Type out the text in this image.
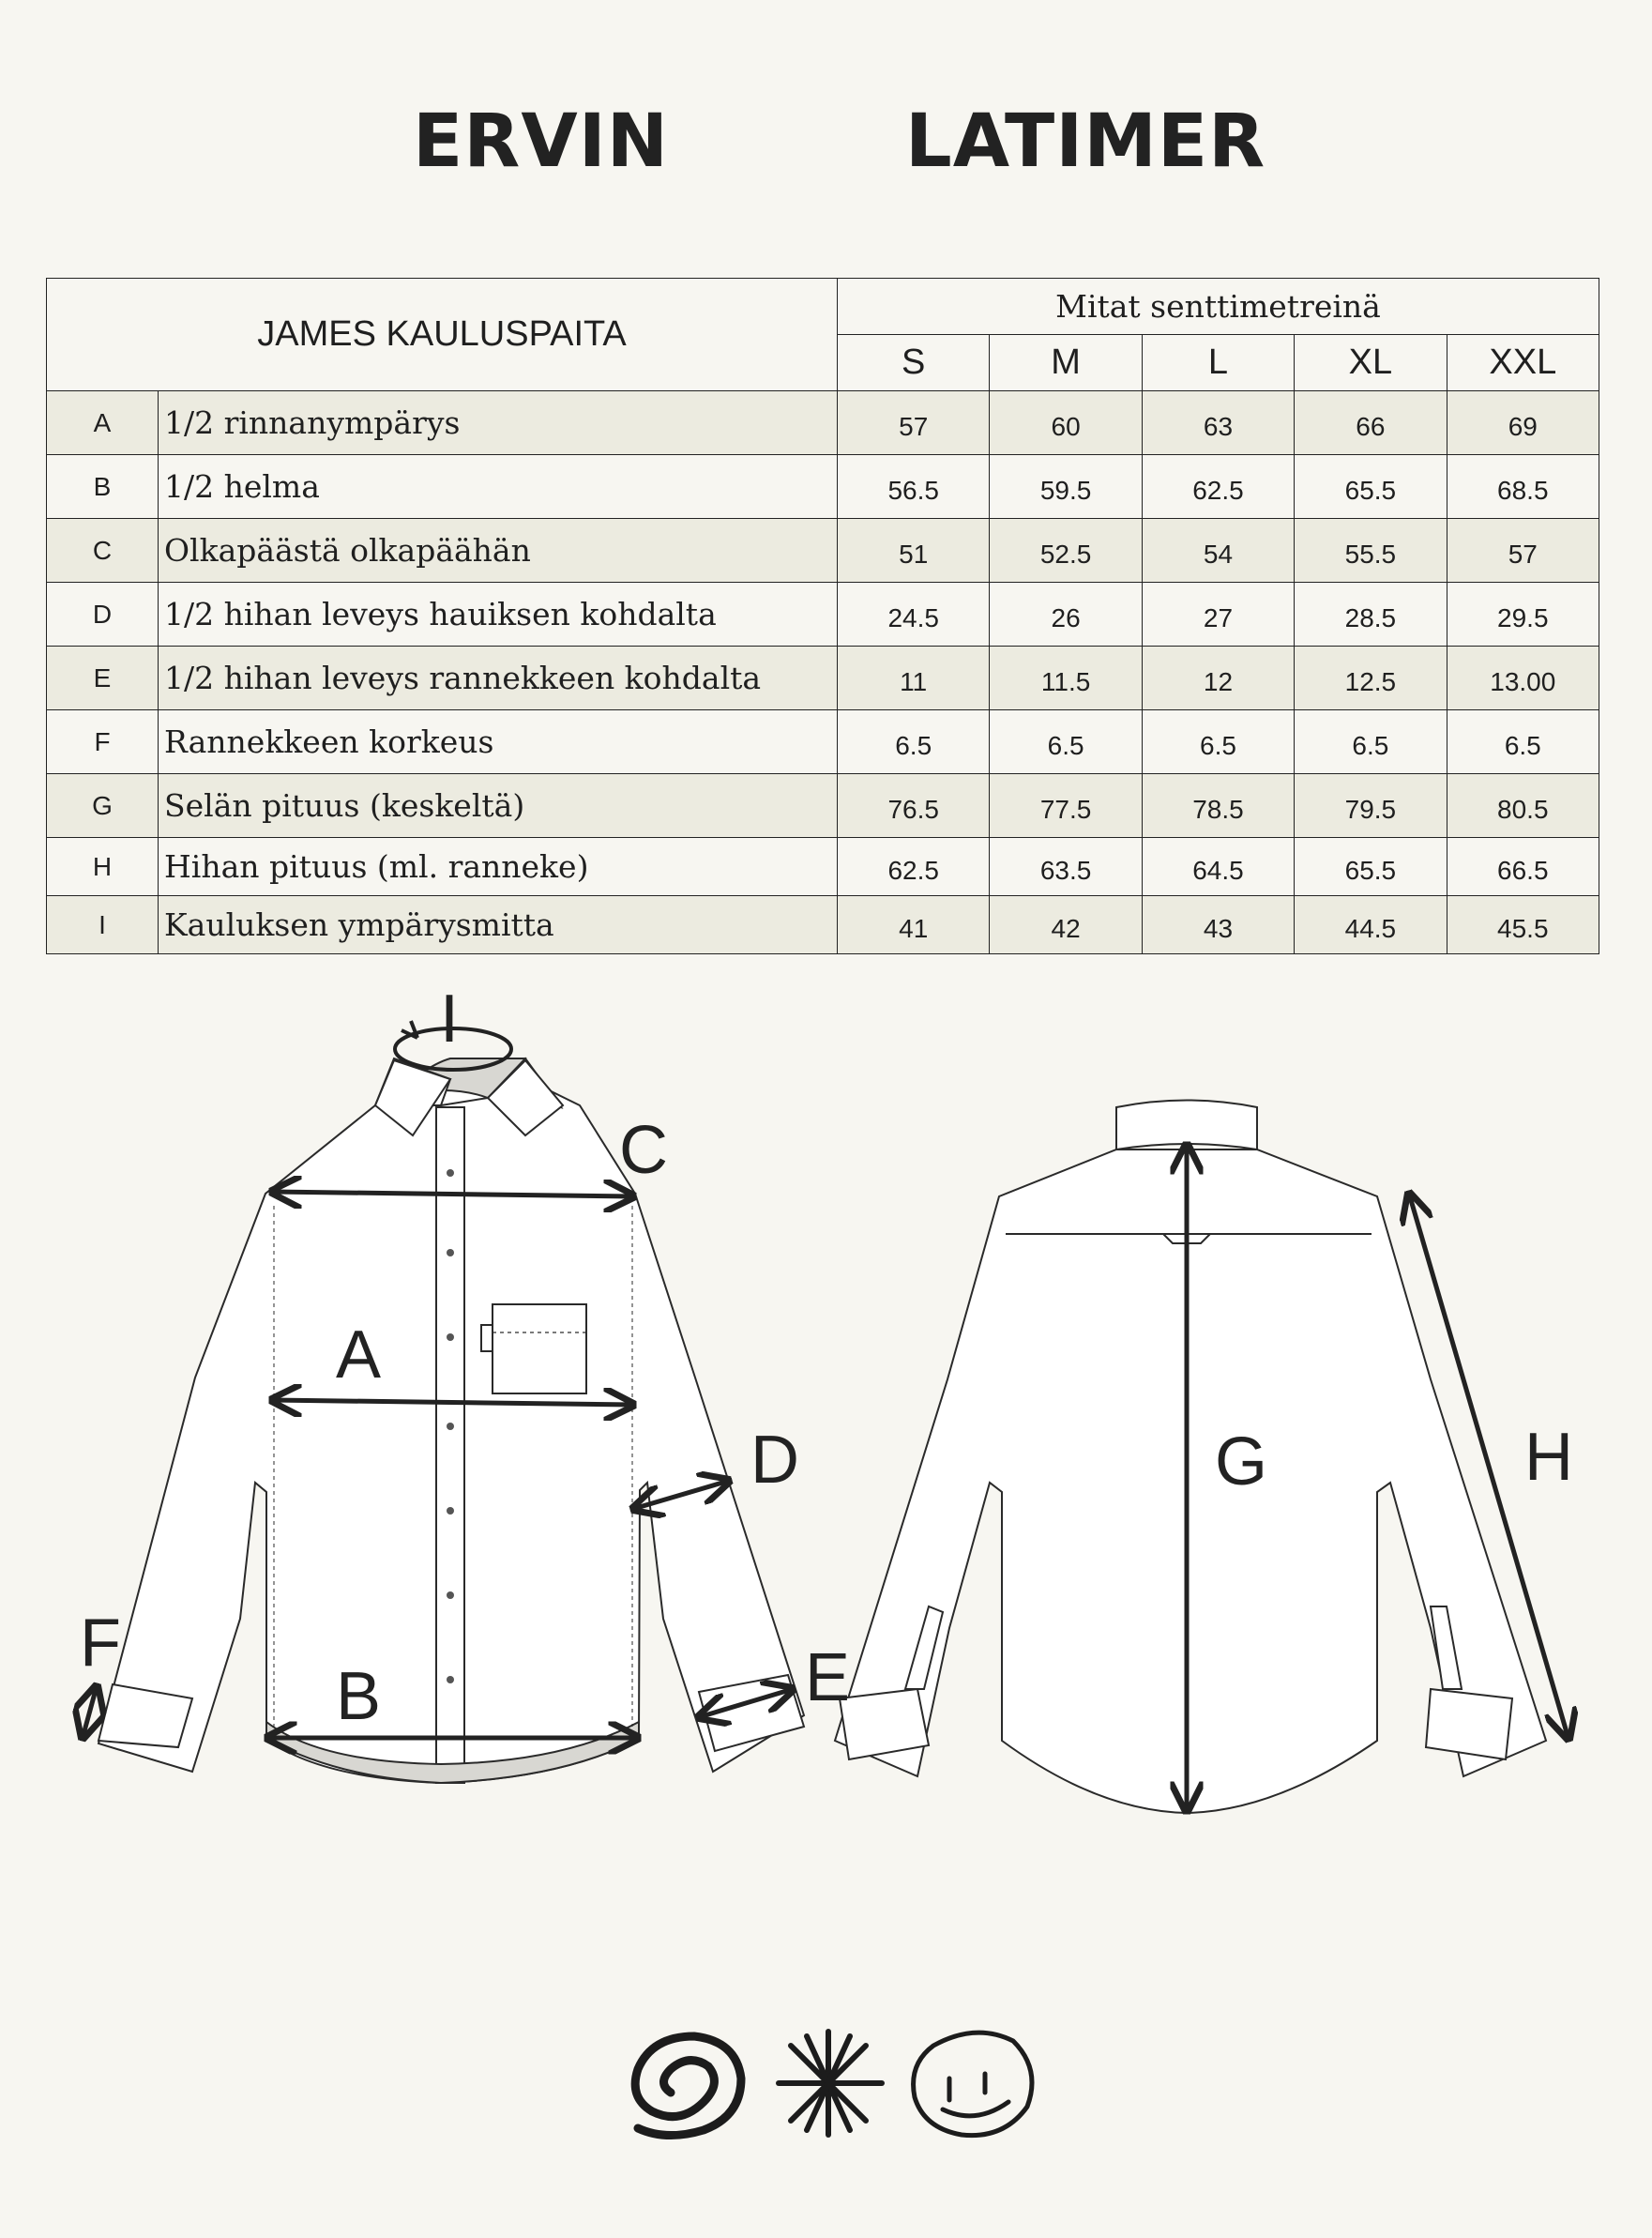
ERVIN	LATIMER
JAMES KAULUSPAITA		Mitat senttimetreinä				
		S	M	L	XL	XXL
A	1/2 rinnanympärys	57	60	63	66	69
B	1/2 helma	56.5	59.5	62.5	65.5	68.5
C	Olkapäästä olkapäähän	51	52.5	54	55.5	57
D	1/2 hihan leveys hauiksen kohdalta	24.5	26	27	28.5	29.5
E	1/2 hihan leveys rannekkeen kohdalta	11	11.5	12	12.5	13.00
F	Rannekkeen korkeus	6.5	6.5	6.5	6.5	6.5
G	Selän pituus (keskeltä)	76.5	77.5	78.5	79.5	80.5
H	Hihan pituus (ml. ranneke)	62.5	63.5	64.5	65.5	66.5
I	Kauluksen ympärysmitta	41	42	43	44.5	45.5
I
C
A
D
F	E
B
G	H
